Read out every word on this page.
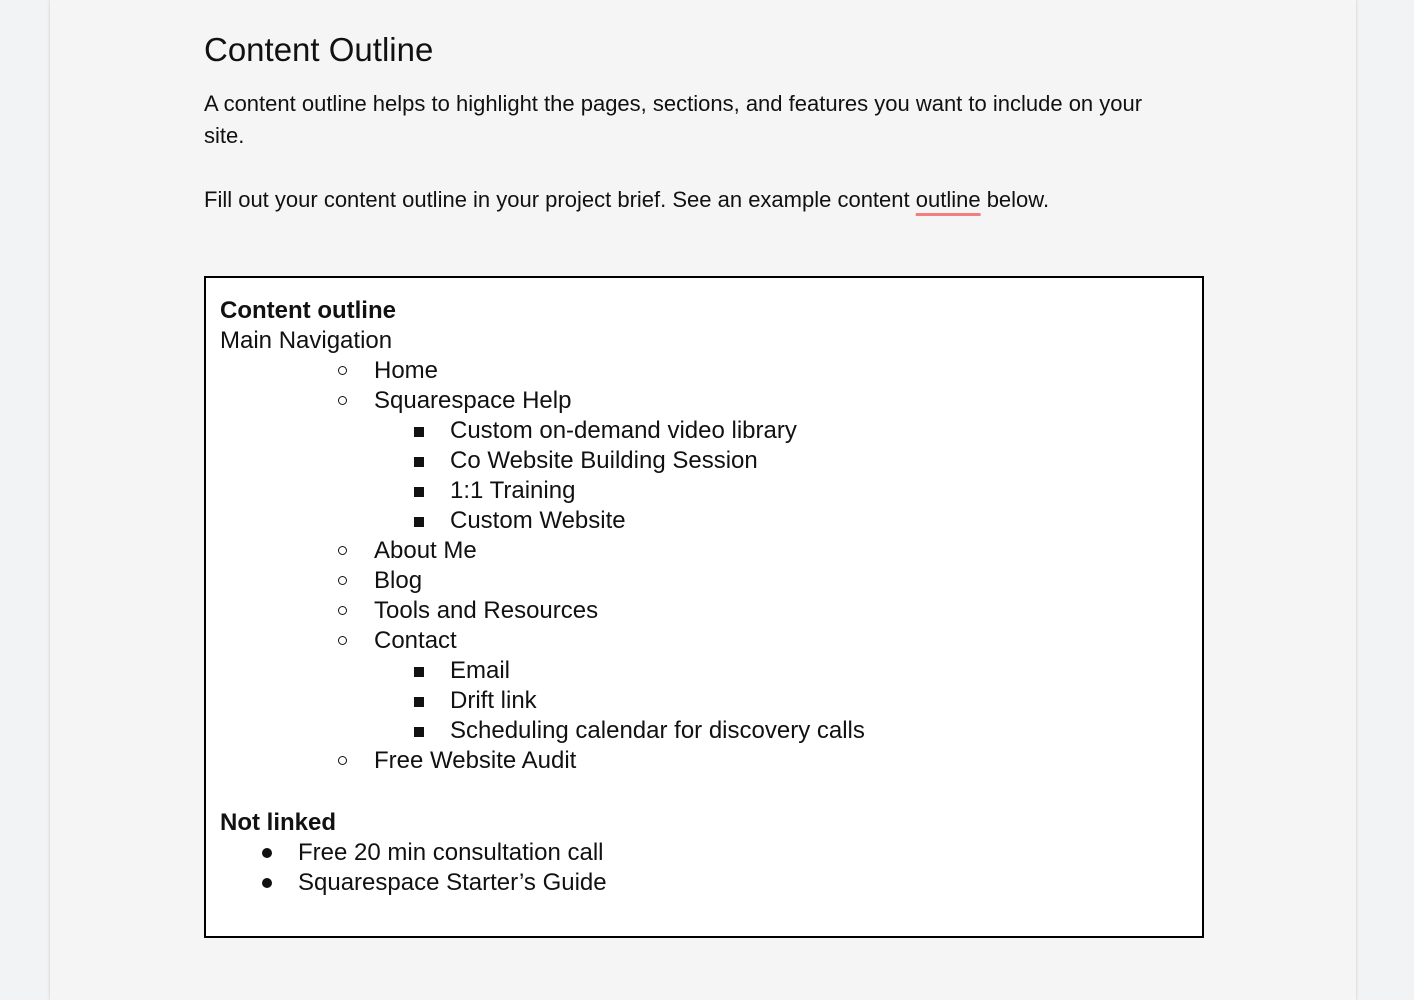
Content Outline

A content outline helps to highlight the pages, sections, and features you want to include on your site.

Fill out your content outline in your project brief. See an example content outline below.

Content outline
Main Navigation
Home
Squarespace Help
Custom on-demand video library
Co Website Building Session
1:1 Training
Custom Website
About Me
Blog
Tools and Resources
Contact
Email
Drift link
Scheduling calendar for discovery calls
Free Website Audit
Not linked
Free 20 min consultation call
Squarespace Starter’s Guide
